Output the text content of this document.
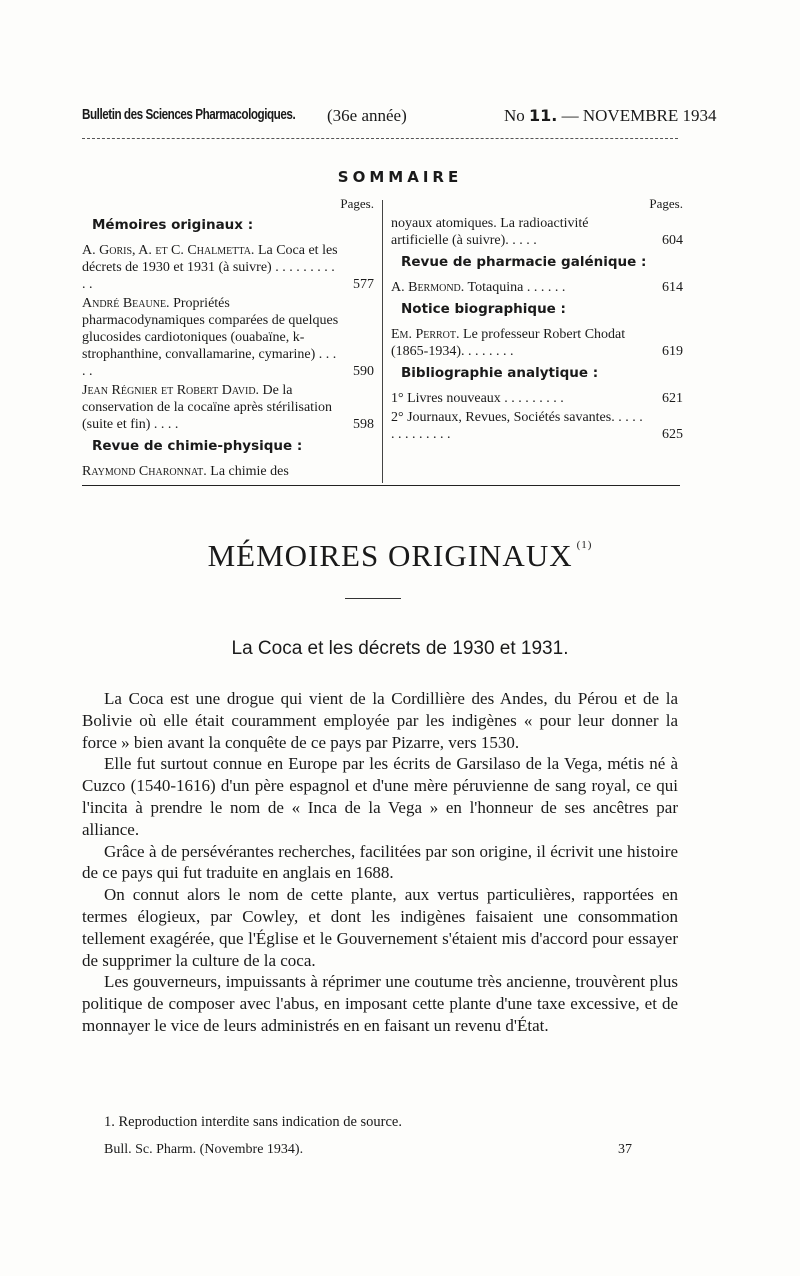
Bulletin des Sciences Pharmacologiques. (36e année)	No 11. — NOVEMBRE 1934
SOMMAIRE
Pages.
Mémoires originaux :
A. Goris, A. et C. Chalmetta. La Coca et les décrets de 1930 et 1931 (à suivre) . . . . . . . . . . .	577
André Beaune. Propriétés pharmacodynamiques comparées de quelques glucosides cardiotoniques (ouabaïne, k-strophanthine, convallamarine, cymarine) . . . . .	590
Jean Régnier et Robert David. De la conservation de la cocaïne après stérilisation (suite et fin) . . . .	598
Revue de chimie-physique :
Raymond Charonnat. La chimie des
Pages.
noyaux atomiques. La radioactivité artificielle (à suivre). . . . .	604
Revue de pharmacie galénique :
A. Bermond. Totaquina . . . . . .	614
Notice biographique :
Em. Perrot. Le professeur Robert Chodat (1865-1934). . . . . . . .	619
Bibliographie analytique :
1° Livres nouveaux . . . . . . . . .	621
2° Journaux, Revues, Sociétés savantes. . . . . . . . . . . . . .	625
MÉMOIRES ORIGINAUX $^{(1)}$
La Coca et les décrets de 1930 et 1931.

La Coca est une drogue qui vient de la Cordillière des Andes, du Pérou et de la Bolivie où elle était couramment employée par les indigènes « pour leur donner la force » bien avant la conquête de ce pays par Pizarre, vers 1530.

Elle fut surtout connue en Europe par les écrits de Garsilaso de la Vega, métis né à Cuzco (1540-1616) d'un père espagnol et d'une mère péruvienne de sang royal, ce qui l'incita à prendre le nom de « Inca de la Vega » en l'honneur de ses ancêtres par alliance.

Grâce à de persévérantes recherches, facilitées par son origine, il écrivit une histoire de ce pays qui fut traduite en anglais en 1688.

On connut alors le nom de cette plante, aux vertus particulières, rapportées en termes élogieux, par Cowley, et dont les indigènes faisaient une consommation tellement exagérée, que l'Église et le Gouvernement s'étaient mis d'accord pour essayer de supprimer la culture de la coca.

Les gouverneurs, impuissants à réprimer une coutume très ancienne, trouvèrent plus politique de composer avec l'abus, en imposant cette plante d'une taxe excessive, et de monnayer le vice de leurs administrés en en faisant un revenu d'État.

1. Reproduction interdite sans indication de source.
Bull. Sc. Pharm. (Novembre 1934).	37
